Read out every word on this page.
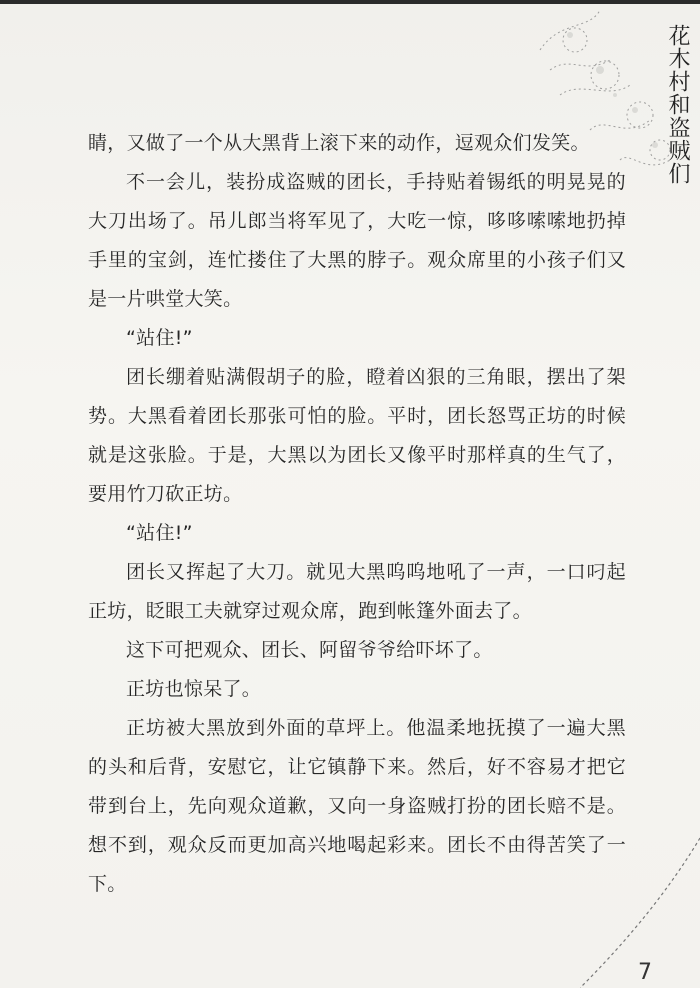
花木村和盗贼们

睛，又做了一个从大黑背上滚下来的动作，逗观众们发笑。

不一会儿，装扮成盗贼的团长，手持贴着锡纸的明晃晃的大刀出场了。吊儿郎当将军见了，大吃一惊，哆哆嗦嗦地扔掉手里的宝剑，连忙搂住了大黑的脖子。观众席里的小孩子们又是一片哄堂大笑。

“站住!”

团长绷着贴满假胡子的脸，瞪着凶狠的三角眼，摆出了架势。大黑看着团长那张可怕的脸。平时，团长怒骂正坊的时候就是这张脸。于是，大黑以为团长又像平时那样真的生气了，要用竹刀砍正坊。

“站住!”

团长又挥起了大刀。就见大黑呜呜地吼了一声，一口叼起正坊，眨眼工夫就穿过观众席，跑到帐篷外面去了。

这下可把观众、团长、阿留爷爷给吓坏了。

正坊也惊呆了。

正坊被大黑放到外面的草坪上。他温柔地抚摸了一遍大黑的头和后背，安慰它，让它镇静下来。然后，好不容易才把它带到台上，先向观众道歉，又向一身盗贼打扮的团长赔不是。想不到，观众反而更加高兴地喝起彩来。团长不由得苦笑了一下。

7
